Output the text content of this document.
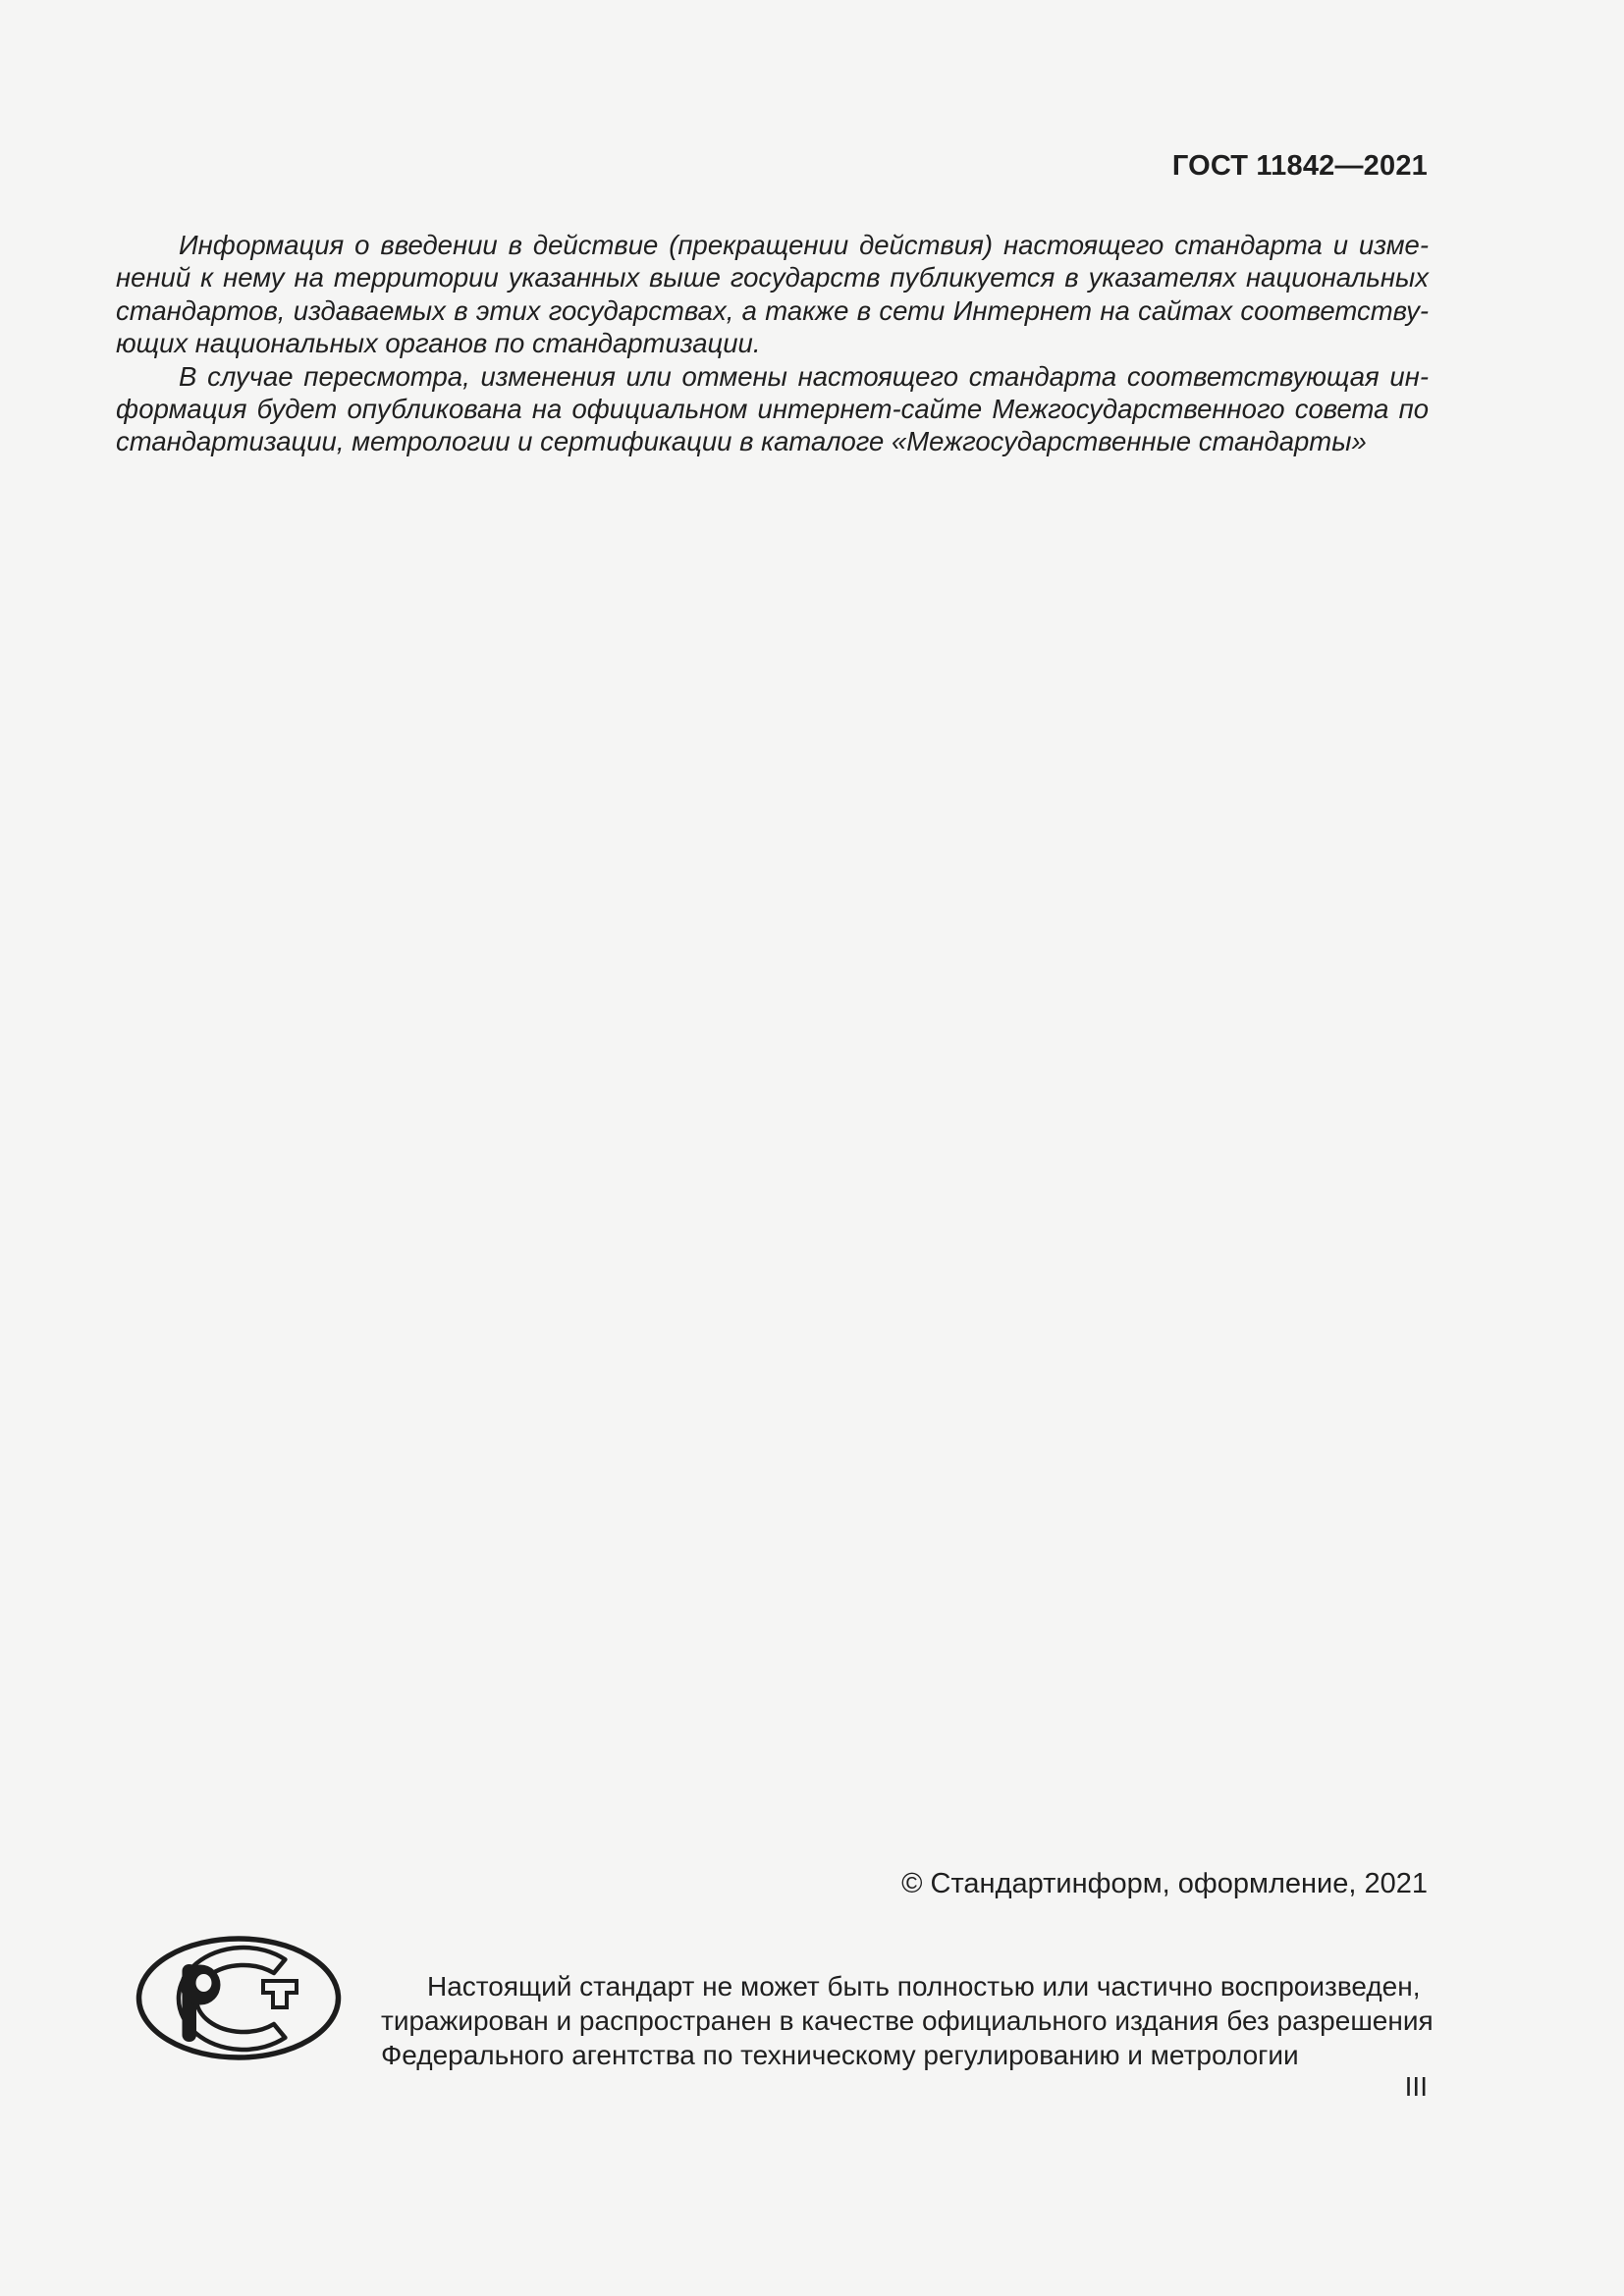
ГОСТ 11842—2021
Информация о введении в действие (прекращении действия) настоящего стандарта и изме-
нений к нему на территории указанных выше государств публикуется в указателях национальных
стандартов, издаваемых в этих государствах, а также в сети Интернет на сайтах соответству-
ющих национальных органов по стандартизации.
В случае пересмотра, изменения или отмены настоящего стандарта соответствующая ин-
формация будет опубликована на официальном интернет-сайте Межгосударственного совета по
стандартизации, метрологии и сертификации в каталоге «Межгосударственные стандарты»
© Стандартинформ, оформление, 2021
Настоящий стандарт не может быть полностью или частично воспроизведен,
тиражирован и распространен в качестве официального издания без разрешения
Федерального агентства по техническому регулированию и метрологии
III
